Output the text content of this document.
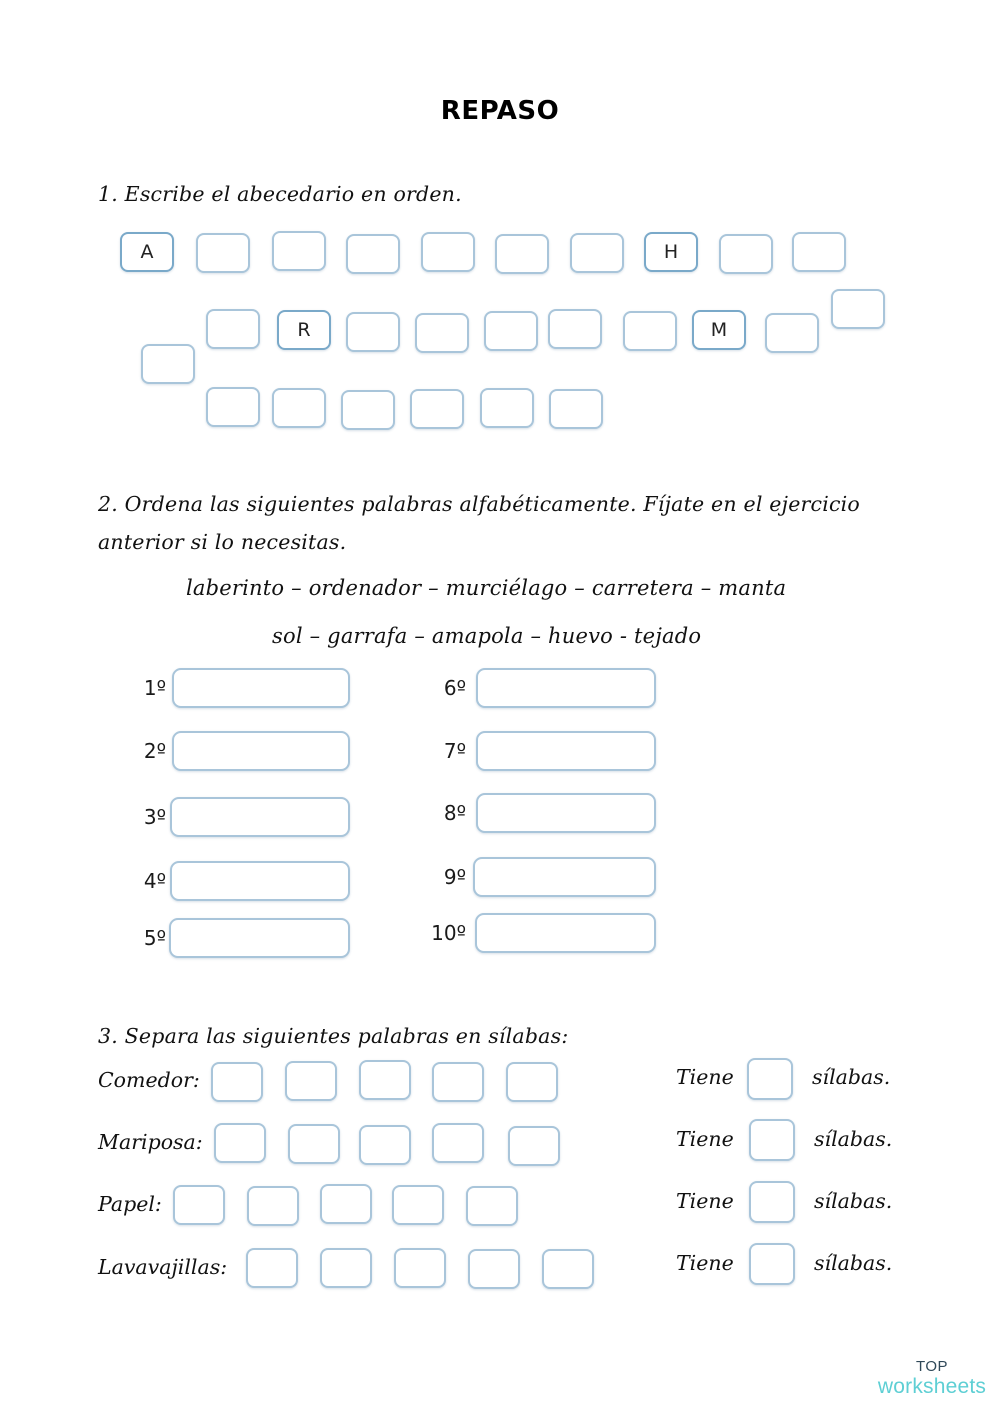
REPASO
1. Escribe el abecedario en orden.
A	H
R	M
2. Ordena las siguientes palabras alfabéticamente. Fíjate en el ejercicio
anterior si lo necesitas.
laberinto – ordenador – murciélago – carretera – manta
sol – garrafa – amapola – huevo - tejado
1º
2º
3º
4º
5º
6º
7º
8º
9º
10º
3. Separa las siguientes palabras en sílabas:
Comedor:	Tiene	sílabas.
Mariposa:	Tiene	sílabas.
Papel:	Tiene	sílabas.
Lavavajillas:	Tiene	sílabas.
TOP
worksheets
